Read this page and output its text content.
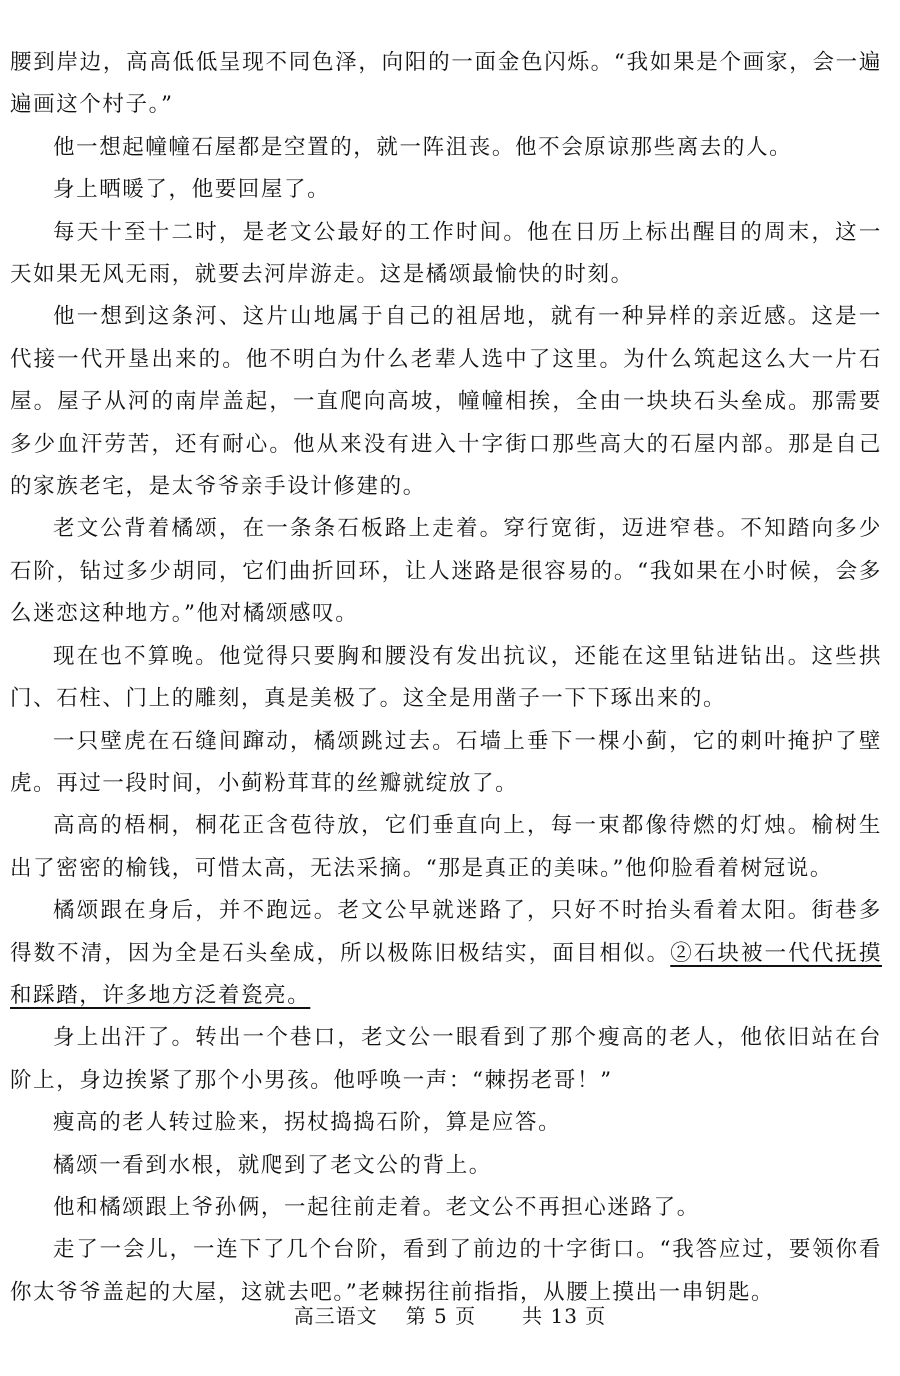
腰到岸边，高高低低呈现不同色泽，向阳的一面金色闪烁。“我如果是个画家，会一遍遍画这个村子。”

他一想起幢幢石屋都是空置的，就一阵沮丧。他不会原谅那些离去的人。

身上晒暖了，他要回屋了。

每天十至十二时，是老文公最好的工作时间。他在日历上标出醒目的周末，这一天如果无风无雨，就要去河岸游走。这是橘颂最愉快的时刻。

他一想到这条河、这片山地属于自己的祖居地，就有一种异样的亲近感。这是一代接一代开垦出来的。他不明白为什么老辈人选中了这里。为什么筑起这么大一片石屋。屋子从河的南岸盖起，一直爬向高坡，幢幢相挨，全由一块块石头垒成。那需要多少血汗劳苦，还有耐心。他从来没有进入十字街口那些高大的石屋内部。那是自己的家族老宅，是太爷爷亲手设计修建的。

老文公背着橘颂，在一条条石板路上走着。穿行宽街，迈进窄巷。不知踏向多少石阶，钻过多少胡同，它们曲折回环，让人迷路是很容易的。“我如果在小时候，会多么迷恋这种地方。”他对橘颂感叹。

现在也不算晚。他觉得只要胸和腰没有发出抗议，还能在这里钻进钻出。这些拱门、石柱、门上的雕刻，真是美极了。这全是用凿子一下下琢出来的。

一只壁虎在石缝间蹿动，橘颂跳过去。石墙上垂下一棵小蓟，它的刺叶掩护了壁虎。再过一段时间，小蓟粉茸茸的丝瓣就绽放了。

高高的梧桐，桐花正含苞待放，它们垂直向上，每一束都像待燃的灯烛。榆树生出了密密的榆钱，可惜太高，无法采摘。“那是真正的美味。”他仰脸看着树冠说。

橘颂跟在身后，并不跑远。老文公早就迷路了，只好不时抬头看着太阳。街巷多得数不清，因为全是石头垒成，所以极陈旧极结实，面目相似。②石块被一代代抚摸和踩踏，许多地方泛着瓷亮。

身上出汗了。转出一个巷口，老文公一眼看到了那个瘦高的老人，他依旧站在台阶上，身边挨紧了那个小男孩。他呼唤一声：“棘拐老哥！”

瘦高的老人转过脸来，拐杖捣捣石阶，算是应答。

橘颂一看到水根，就爬到了老文公的背上。

他和橘颂跟上爷孙俩，一起往前走着。老文公不再担心迷路了。

走了一会儿，一连下了几个台阶，看到了前边的十字街口。“我答应过，要领你看你太爷爷盖起的大屋，这就去吧。”老棘拐往前指指，从腰上摸出一串钥匙。

高三语文 第 5 页 共 13 页
